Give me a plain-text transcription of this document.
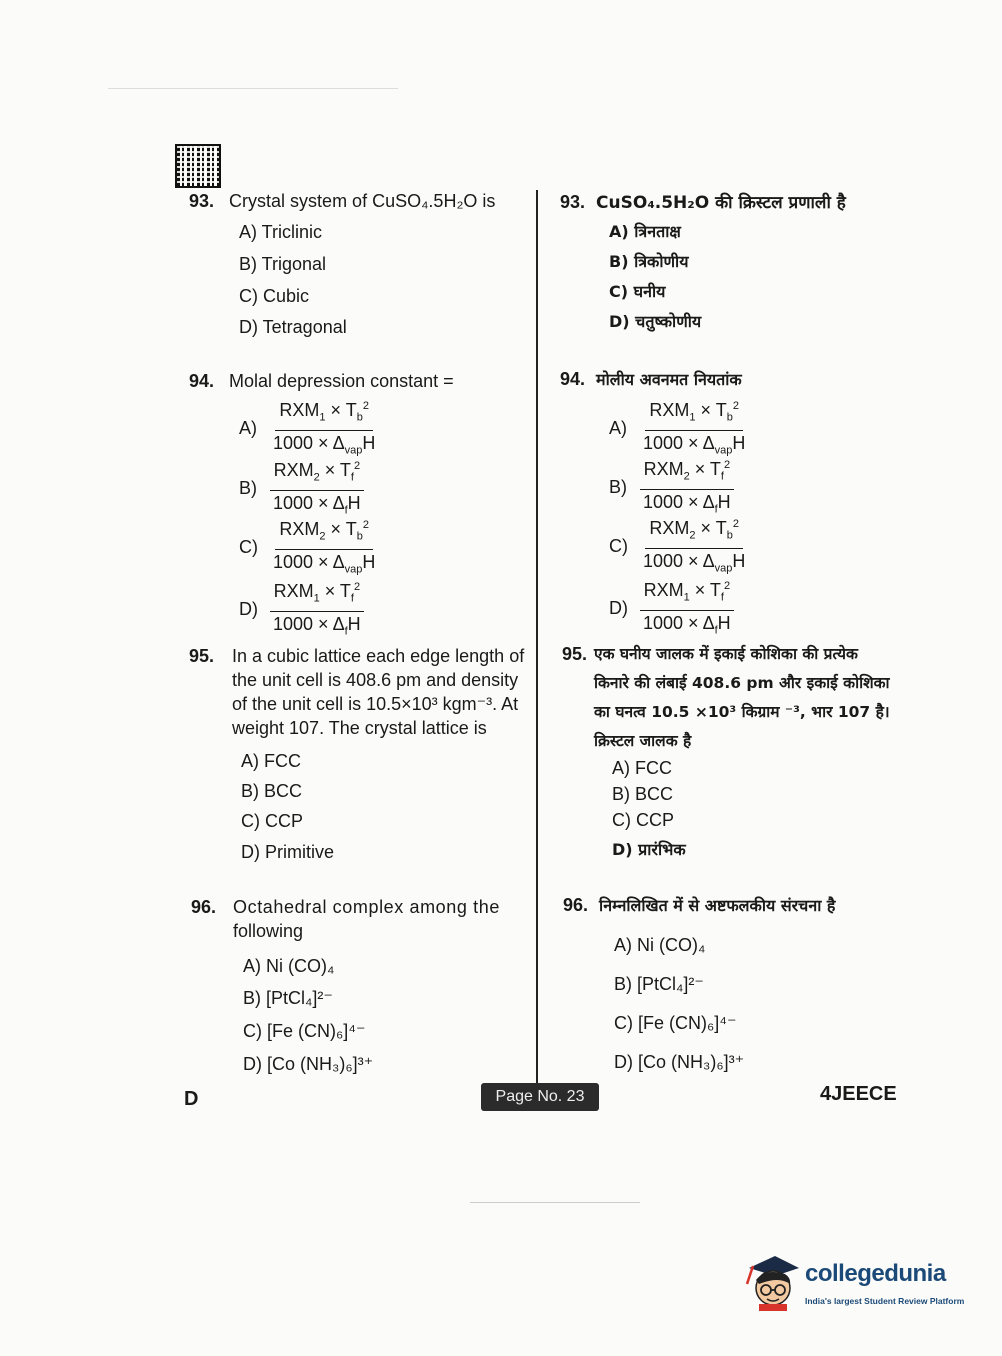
93. Crystal system of CuSO₄.5H₂O is
A) Triclinic
B) Trigonal
C) Cubic
D) Tetragonal
94. Molal depression constant =
$A) \frac{RXM_1 \times T_b^2}{1000 \times \Delta_{vap}H}$
$B) \frac{RXM_2 \times T_f^2}{1000 \times \Delta_fH}$
$C) \frac{RXM_2 \times T_b^2}{1000 \times \Delta_{vap}H}$
$D) \frac{RXM_1 \times T_f^2}{1000 \times \Delta_fH}$
95. In a cubic lattice each edge length of
the unit cell is 408.6 pm and density
of the unit cell is 10.5×10³ kgm⁻³. At
weight 107. The crystal lattice is
A) FCC
B) BCC
C) CCP
D) Primitive
96. Octahedral complex among the
following
A) Ni (CO)₄
B) [PtCl₄]²⁻
C) [Fe (CN)₆]⁴⁻
D) [Co (NH₃)₆]³⁺
93. CuSO₄.5H₂O की क्रिस्टल प्रणाली है
A) त्रिनताक्ष
B) त्रिकोणीय
C) घनीय
D) चतुष्कोणीय
94. मोलीय अवनमत नियतांक
$A) \frac{RXM_1 \times T_b^2}{1000 \times \Delta_{vap}H}$
$B) \frac{RXM_2 \times T_f^2}{1000 \times \Delta_fH}$
$C) \frac{RXM_2 \times T_b^2}{1000 \times \Delta_{vap}H}$
$D) \frac{RXM_1 \times T_f^2}{1000 \times \Delta_fH}$
95. एक घनीय जालक में इकाई कोशिका की प्रत्येक
किनारे की लंबाई 408.6 pm और इकाई कोशिका
का घनत्व 10.5 ×10³ किग्राम ⁻³, भार 107 है।
क्रिस्टल जालक है
A) FCC
B) BCC
C) CCP
D) प्रारंभिक
96. निम्नलिखित में से अष्टफलकीय संरचना है
A) Ni (CO)₄
B) [PtCl₄]²⁻
C) [Fe (CN)₆]⁴⁻
D) [Co (NH₃)₆]³⁺
D	Page No. 23	4JEECE
collegedunia
India's largest Student Review Platform
